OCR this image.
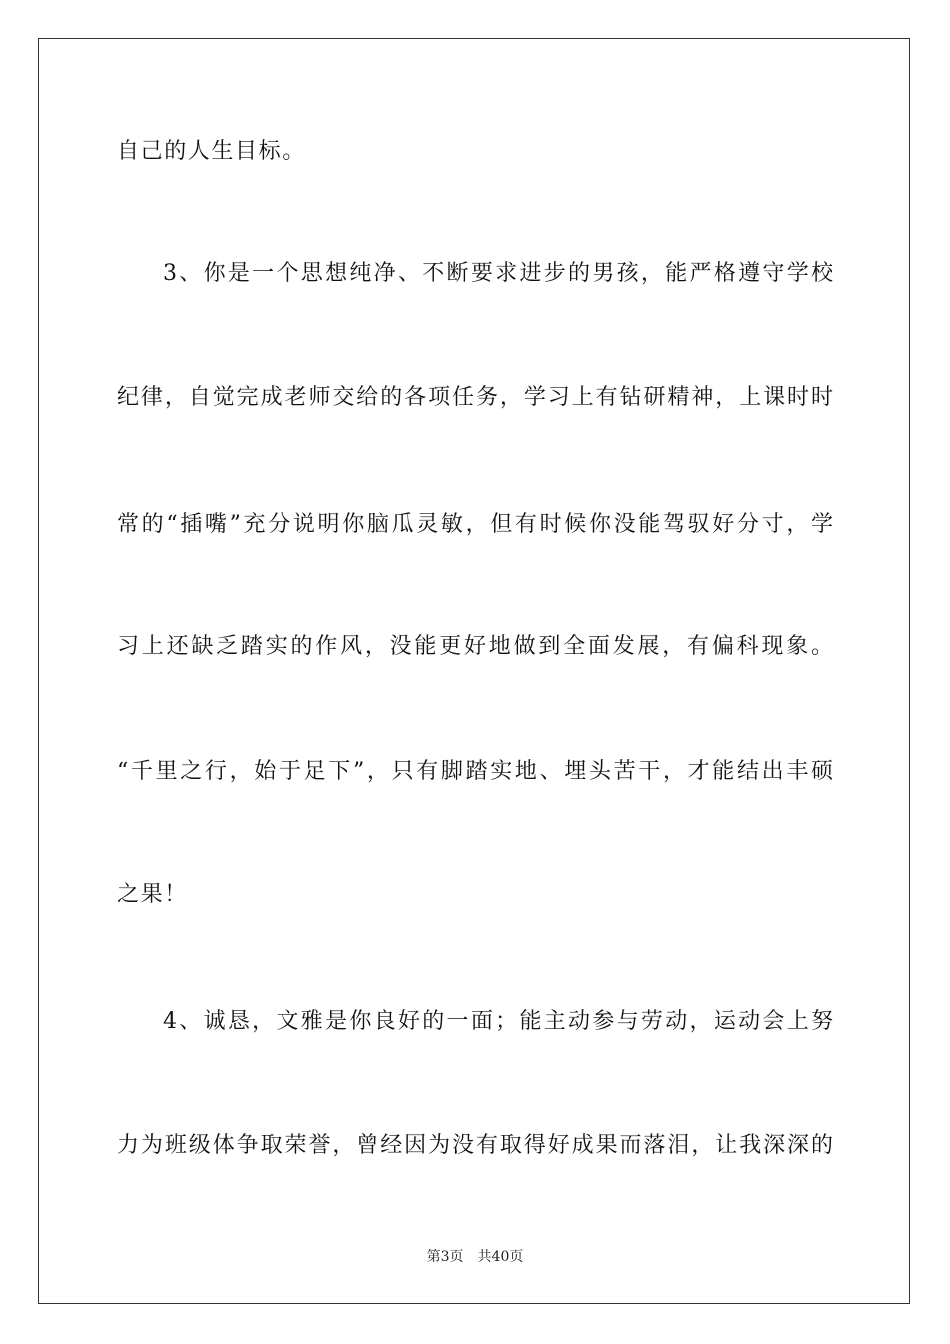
自己的人生目标。
3、你是一个思想纯净、不断要求进步的男孩，能严格遵守学校
纪律，自觉完成老师交给的各项任务，学习上有钻研精神，上课时时
常的“插嘴”充分说明你脑瓜灵敏，但有时候你没能驾驭好分寸，学
习上还缺乏踏实的作风，没能更好地做到全面发展，有偏科现象。
“千里之行，始于足下”，只有脚踏实地、埋头苦干，才能结出丰硕
之果！
4、诚恳，文雅是你良好的一面；能主动参与劳动，运动会上努
力为班级体争取荣誉，曾经因为没有取得好成果而落泪，让我深深的
第3页 共40页
